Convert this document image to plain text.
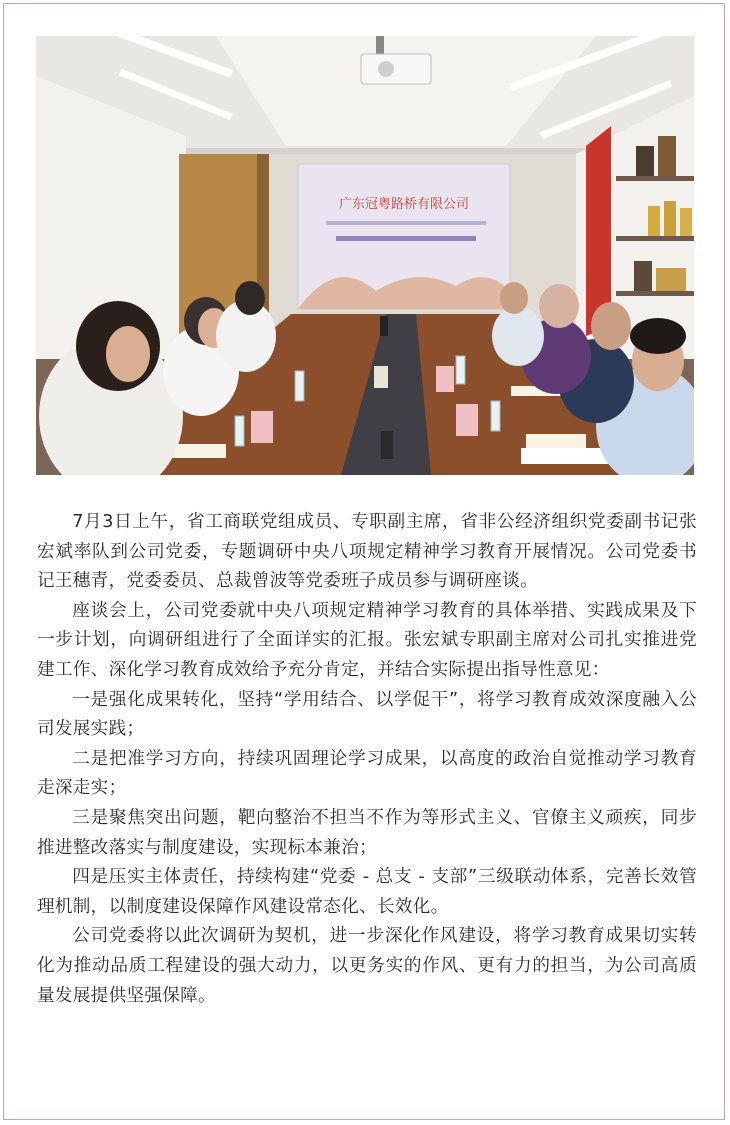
广东冠粤路桥有限公司

7月3日上午，省工商联党组成员、专职副主席，省非公经济组织党委副书记张宏斌率队到公司党委，专题调研中央八项规定精神学习教育开展情况。公司党委书记王穗青，党委委员、总裁曾波等党委班子成员参与调研座谈。

座谈会上，公司党委就中央八项规定精神学习教育的具体举措、实践成果及下一步计划，向调研组进行了全面详实的汇报。张宏斌专职副主席对公司扎实推进党建工作、深化学习教育成效给予充分肯定，并结合实际提出指导性意见：

一是强化成果转化，坚持“学用结合、以学促干”，将学习教育成效深度融入公司发展实践；

二是把准学习方向，持续巩固理论学习成果，以高度的政治自觉推动学习教育走深走实；

三是聚焦突出问题，靶向整治不担当不作为等形式主义、官僚主义顽疾，同步推进整改落实与制度建设，实现标本兼治；

四是压实主体责任，持续构建“党委 - 总支 - 支部”三级联动体系，完善长效管理机制，以制度建设保障作风建设常态化、长效化。

公司党委将以此次调研为契机，进一步深化作风建设，将学习教育成果切实转化为推动品质工程建设的强大动力，以更务实的作风、更有力的担当，为公司高质量发展提供坚强保障。
